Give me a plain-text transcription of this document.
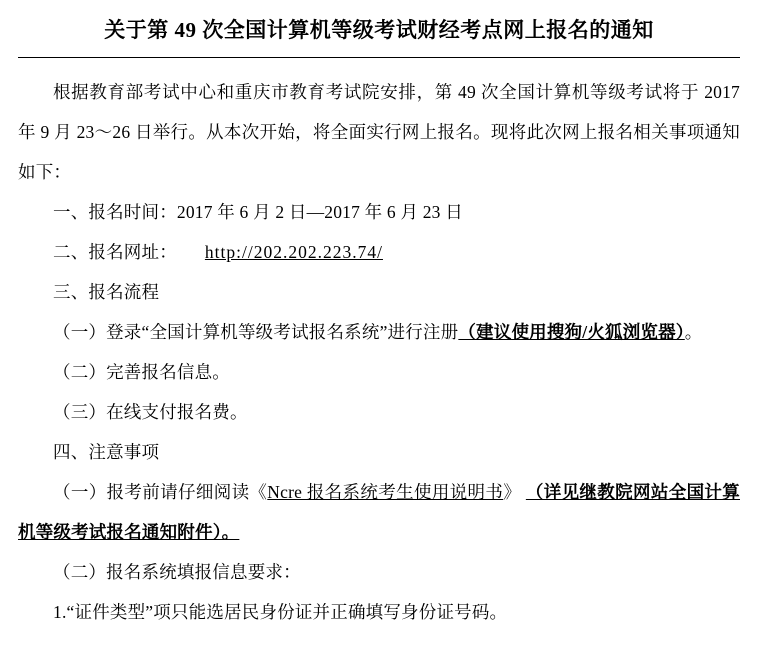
关于第 49 次全国计算机等级考试财经考点网上报名的通知

根据教育部考试中心和重庆市教育考试院安排，第 49 次全国计算机等级考试将于 2017 年 9 月 23～26 日举行。从本次开始，将全面实行网上报名。现将此次网上报名相关事项通知如下：

一、报名时间：2017 年 6 月 2 日—2017 年 6 月 23 日

二、报名网址： http://202.202.223.74/

三、报名流程

（一）登录“全国计算机等级考试报名系统”进行注册（建议使用搜狗/火狐浏览器）。

（二）完善报名信息。

（三）在线支付报名费。

四、注意事项

（一）报考前请仔细阅读《Ncre 报名系统考生使用说明书》 （详见继教院网站全国计算机等级考试报名通知附件）。

（二）报名系统填报信息要求：

1.“证件类型”项只能选居民身份证并正确填写身份证号码。
